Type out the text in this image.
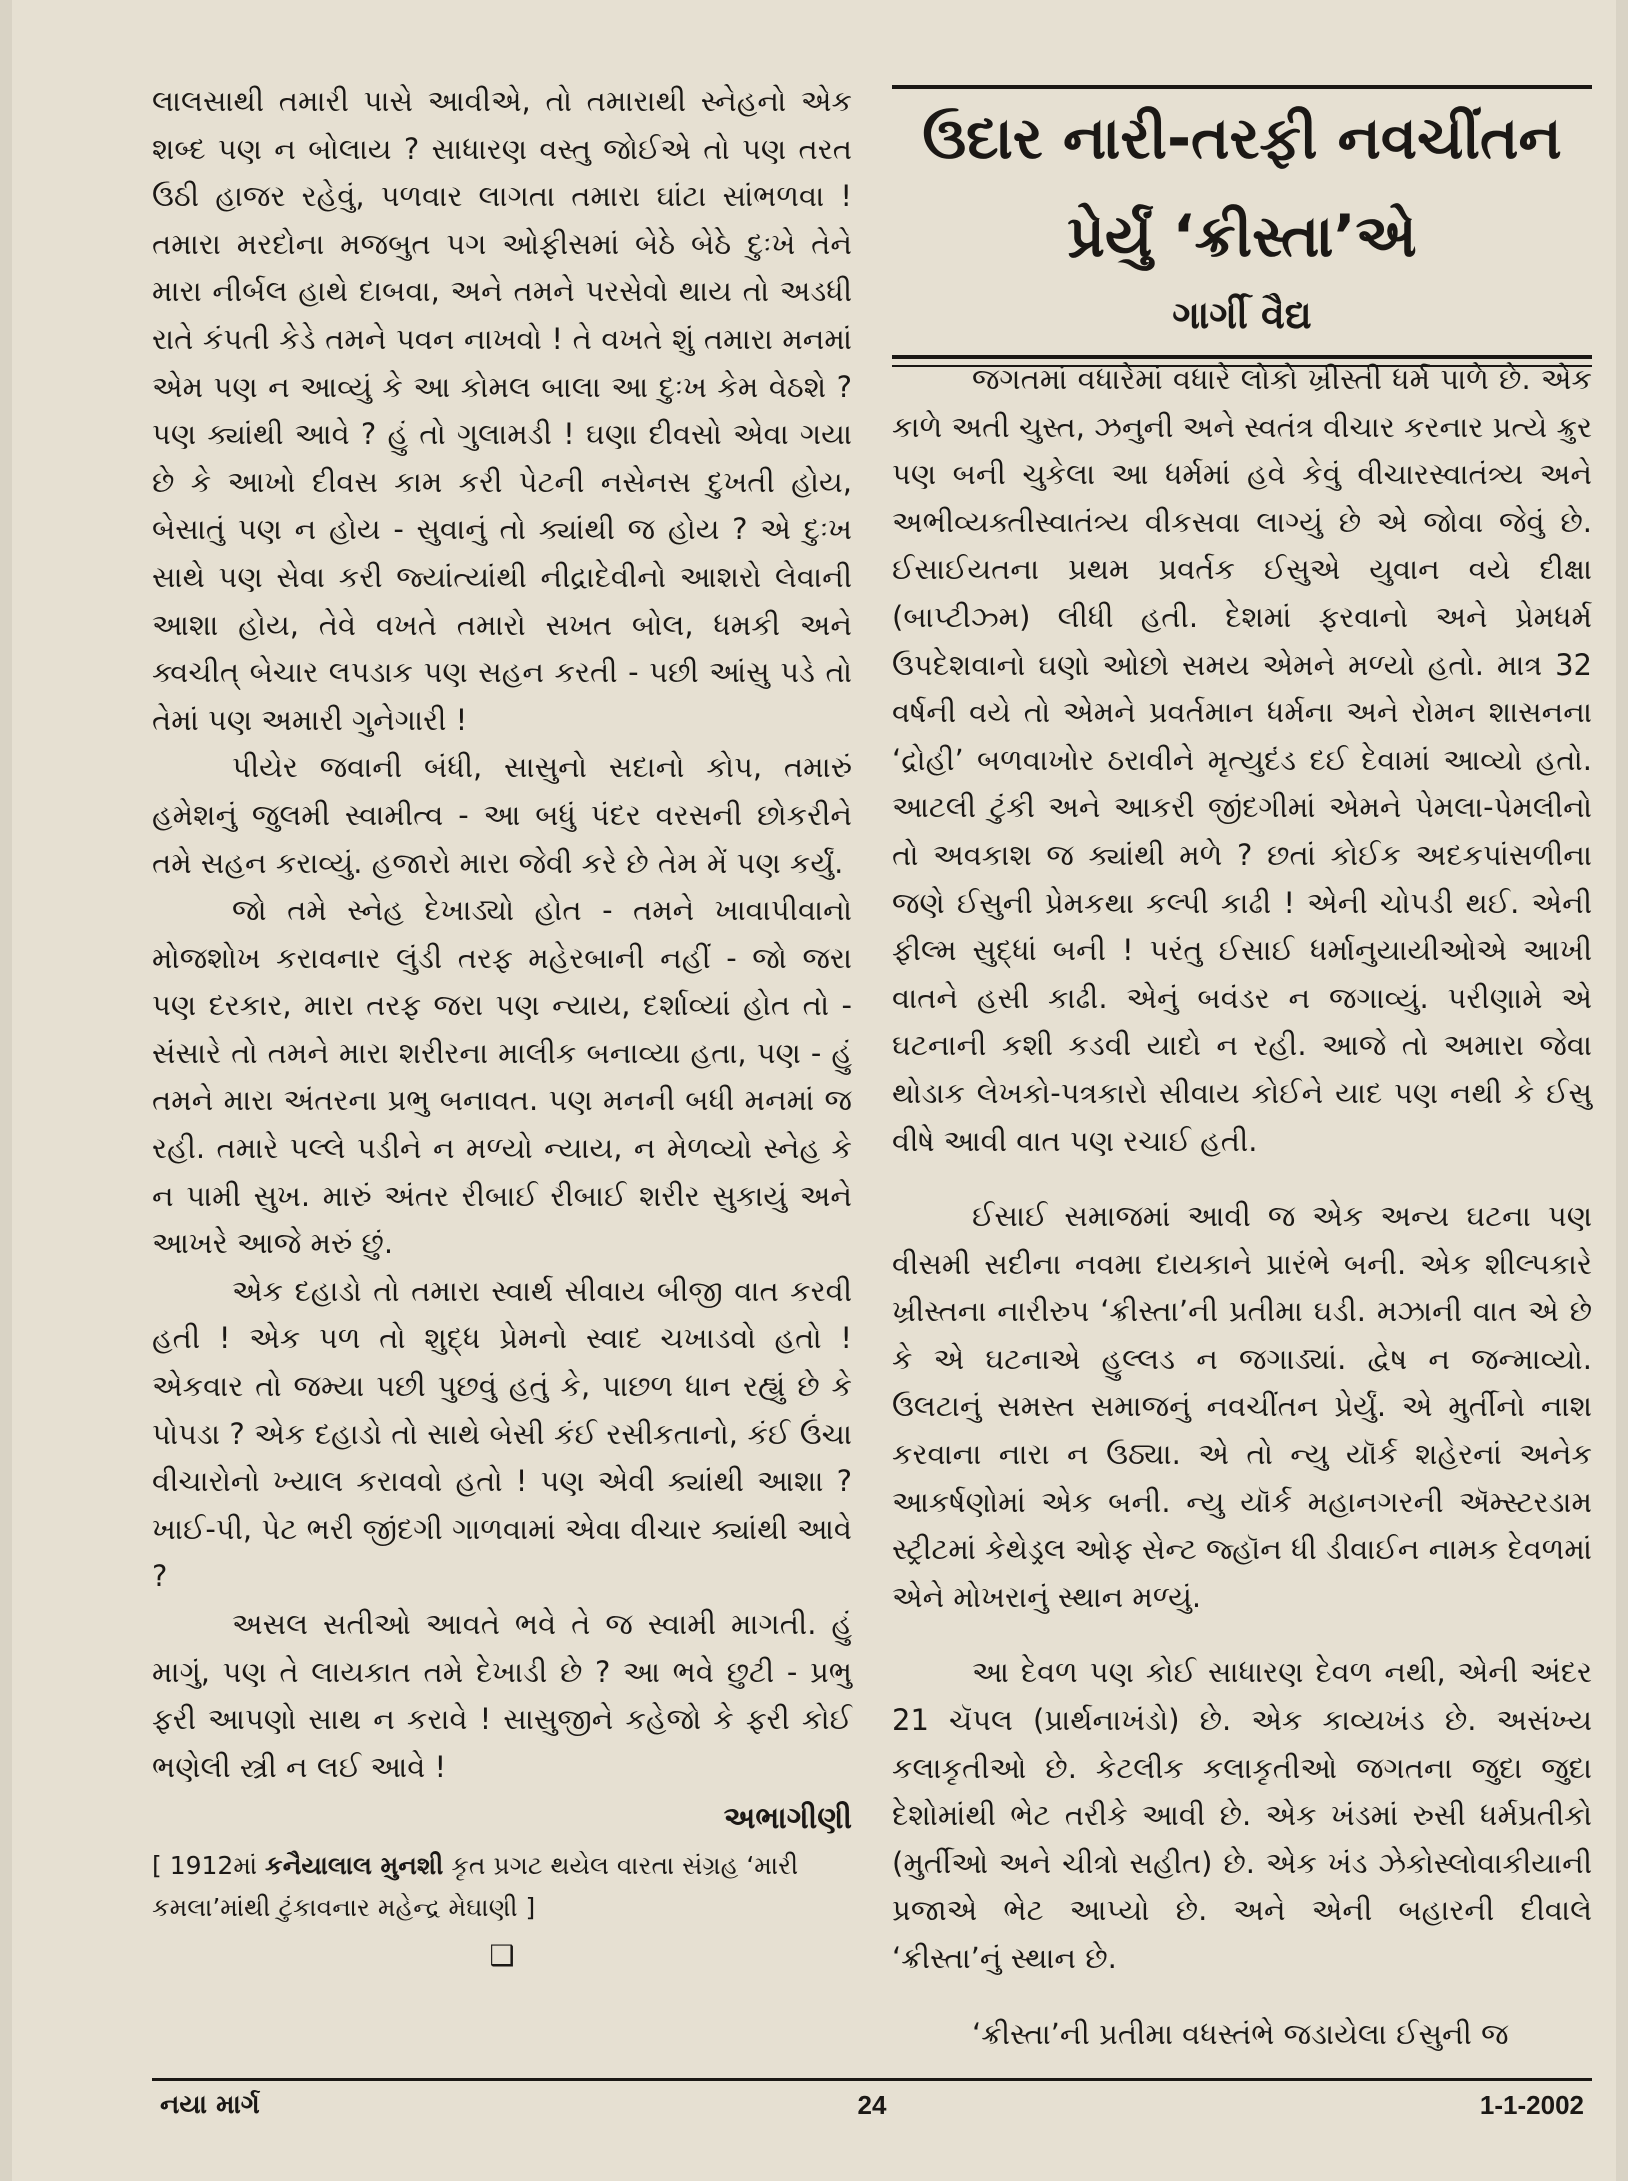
લાલસાથી તમારી પાસે આવીએ, તો તમારાથી સ્નેહનો એક શબ્દ પણ ન બોલાય ? સાધારણ વસ્તુ જોઈએ તો પણ તરત ઉઠી હાજર રહેવું, પળવાર લાગતા તમારા ઘાંટા સાંભળવા ! તમારા મરદોના મજબુત પગ ઓફીસમાં બેઠે બેઠે દુઃખે તેને મારા નીર્બલ હાથે દાબવા, અને તમને પરસેવો થાય તો અડધી રાતે કંપતી કેડે તમને પવન નાખવો ! તે વખતે શું તમારા મનમાં એમ પણ ન આવ્યું કે આ કોમલ બાલા આ દુઃખ કેમ વેઠશે ? પણ ક્યાંથી આવે ? હું તો ગુલામડી ! ઘણા દીવસો એવા ગયા છે કે આખો દીવસ કામ કરી પેટની નસેનસ દુખતી હોય, બેસાતું પણ ન હોય - સુવાનું તો ક્યાંથી જ હોય ? એ દુઃખ સાથે પણ સેવા કરી જ્યાંત્યાંથી નીદ્રાદેવીનો આશરો લેવાની આશા હોય, તેવે વખતે તમારો સખત બોલ, ધમકી અને ક્વચીત્ બેચાર લપડાક પણ સહન કરતી - પછી આંસુ પડે તો તેમાં પણ અમારી ગુનેગારી !

પીયેર જવાની બંધી, સાસુનો સદાનો કોપ, તમારું હમેશનું જુલમી સ્વામીત્વ - આ બધું પંદર વરસની છોકરીને તમે સહન કરાવ્યું. હજારો મારા જેવી કરે છે તેમ મેં પણ કર્યું.

જો તમે સ્નેહ દેખાડ્યો હોત - તમને ખાવાપીવાનો મોજશોખ કરાવનાર લુંડી તરફ મહેરબાની નહીં - જો જરા પણ દરકાર, મારા તરફ જરા પણ ન્યાય, દર્શાવ્યાં હોત તો - સંસારે તો તમને મારા શરીરના માલીક બનાવ્યા હતા, પણ - હું તમને મારા અંતરના પ્રભુ બનાવત. પણ મનની બધી મનમાં જ રહી. તમારે પલ્લે પડીને ન મળ્યો ન્યાય, ન મેળવ્યો સ્નેહ કે ન પામી સુખ. મારું અંતર રીબાઈ રીબાઈ શરીર સુકાયું અને આખરે આજે મરું છું.

એક દહાડો તો તમારા સ્વાર્થ સીવાય બીજી વાત કરવી હતી ! એક પળ તો શુદ્ધ પ્રેમનો સ્વાદ ચખાડવો હતો ! એકવાર તો જમ્યા પછી પુછવું હતું કે, પાછળ ધાન રહ્યું છે કે પોપડા ? એક દહાડો તો સાથે બેસી કંઈ રસીકતાનો, કંઈ ઉંચા વીચારોનો ખ્યાલ કરાવવો હતો ! પણ એવી ક્યાંથી આશા ? ખાઈ-પી, પેટ ભરી જીંદગી ગાળવામાં એવા વીચાર ક્યાંથી આવે ?

અસલ સતીઓ આવતે ભવે તે જ સ્વામી માગતી. હું માગું, પણ તે લાયકાત તમે દેખાડી છે ? આ ભવે છુટી - પ્રભુ ફરી આપણો સાથ ન કરાવે ! સાસુજીને કહેજો કે ફરી કોઈ ભણેલી સ્ત્રી ન લઈ આવે !

અભાગીણી

[ 1912માં કનૈયાલાલ મુનશી કૃત પ્રગટ થયેલ વારતા સંગ્રહ ‘મારી કમલા’માંથી ટુંકાવનાર મહેન્દ્ર મેઘાણી ]

❑
ઉદાર નારી-તરફી નવચીંતન
પ્રેર્યું ‘ક્રીસ્તા’એ
ગાર્ગી વૈદ્ય

જગતમાં વધારેમાં વધારે લોકો ખ્રીસ્તી ધર્મ પાળે છે. એક કાળે અતી ચુસ્ત, ઝનુની અને સ્વતંત્ર વીચાર કરનાર પ્રત્યે ક્રુર પણ બની ચુકેલા આ ધર્મમાં હવે કેવું વીચારસ્વાતંત્ર્ય અને અભીવ્યક્તીસ્વાતંત્ર્ય વીકસવા લાગ્યું છે એ જોવા જેવું છે. ઈસાઈયતના પ્રથમ પ્રવર્તક ઈસુએ યુવાન વયે દીક્ષા (બાપ્ટીઝ્મ) લીધી હતી. દેશમાં ફરવાનો અને પ્રેમધર્મ ઉપદેશવાનો ઘણો ઓછો સમય એમને મળ્યો હતો. માત્ર 32 વર્ષની વયે તો એમને પ્રવર્તમાન ધર્મના અને રોમન શાસનના ‘દ્રોહી’ બળવાખોર ઠરાવીને મૃત્યુદંડ દઈ દેવામાં આવ્યો હતો. આટલી ટુંકી અને આકરી જીંદગીમાં એમને પેમલા-પેમલીનો તો અવકાશ જ ક્યાંથી મળે ? છતાં કોઈક અદકપાંસળીના જણે ઈસુની પ્રેમકથા કલ્પી કાઢી ! એની ચોપડી થઈ. એની ફીલ્મ સુદ્ધાં બની ! પરંતુ ઈસાઈ ધર્માનુયાયીઓએ આખી વાતને હસી કાઢી. એનું બવંડર ન જગાવ્યું. પરીણામે એ ઘટનાની કશી કડવી યાદો ન રહી. આજે તો અમારા જેવા થોડાક લેખકો-પત્રકારો સીવાય કોઈને યાદ પણ નથી કે ઈસુ વીષે આવી વાત પણ રચાઈ હતી.

ઈસાઈ સમાજમાં આવી જ એક અન્ય ઘટના પણ વીસમી સદીના નવમા દાયકાને પ્રારંભે બની. એક શીલ્પકારે ખ્રીસ્તના નારીરુપ ‘ક્રીસ્તા’ની પ્રતીમા ઘડી. મઝાની વાત એ છે કે એ ઘટનાએ હુલ્લડ ન જગાડ્યાં. દ્વેષ ન જન્માવ્યો. ઉલટાનું સમસ્ત સમાજનું નવચીંતન પ્રેર્યું. એ મુર્તીનો નાશ કરવાના નારા ન ઉઠ્યા. એ તો ન્યુ યૉર્ક શહેરનાં અનેક આકર્ષણોમાં એક બની. ન્યુ યૉર્ક મહાનગરની ઍમ્સ્ટરડામ સ્ટ્રીટમાં કેથેડ્રલ ઓફ સેન્ટ જ્હૉન ધી ડીવાઈન નામક દેવળમાં એને મોખરાનું સ્થાન મળ્યું.

આ દેવળ પણ કોઈ સાધારણ દેવળ નથી, એની અંદર 21 ચૅપલ (પ્રાર્થનાખંડો) છે. એક કાવ્યખંડ છે. અસંખ્ય કલાકૃતીઓ છે. કેટલીક કલાકૃતીઓ જગતના જુદા જુદા દેશોમાંથી ભેટ તરીકે આવી છે. એક ખંડમાં રુસી ધર્મપ્રતીકો (મુર્તીઓ અને ચીત્રો સહીત) છે. એક ખંડ ઝેકોસ્લોવાકીયાની પ્રજાએ ભેટ આપ્યો છે. અને એની બહારની દીવાલે ‘ક્રીસ્તા’નું સ્થાન છે.

‘ક્રીસ્તા’ની પ્રતીમા વધસ્તંભે જડાયેલા ઈસુની જ

નયા માર્ગ	24	1-1-2002
